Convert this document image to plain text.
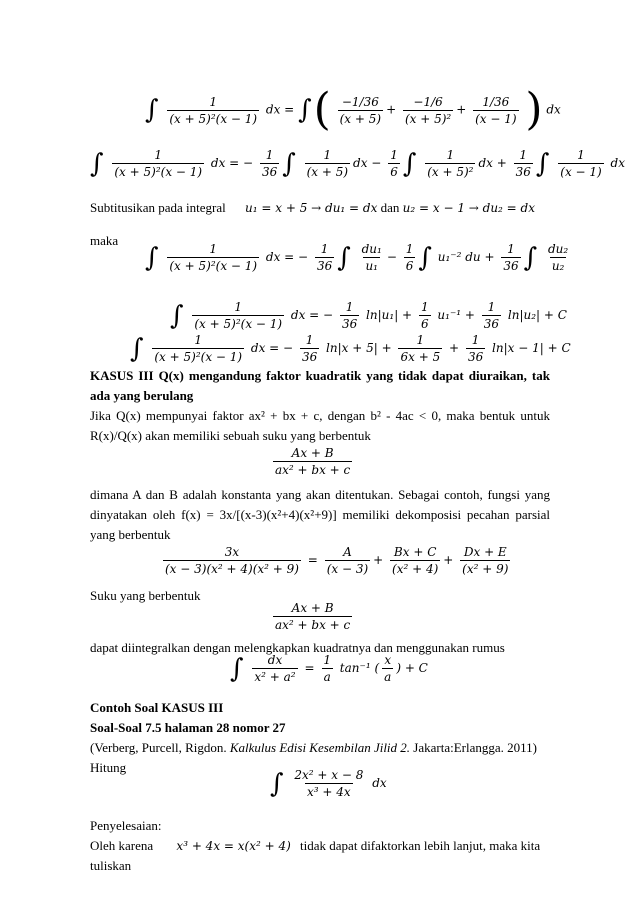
∫ $\frac{1}{\text{(x + 5)²(x − 1)}}$ dx = ∫( $\frac{-1/36}{(x + 5)} + \frac{-1/6}{\text{(x + 5)²}} + \frac{1/36}{(x - 1)}$ ) dx
∫ $\frac{1}{\text{(x + 5)²(x − 1)}}$ dx = − $\frac{1}{36}$ ∫ $\frac{1}{(x + 5)}$ dx − $\frac{1}{6}$ ∫ $\frac{1}{\text{(x + 5)²}}$ dx + $\frac{1}{36}$ ∫ $\frac{1}{(x - 1)}$ dx
Subtitusikan pada integral u₁ = x + 5 → du₁ = dx dan u₂ = x − 1 → du₂ = dx
maka
∫ $\frac{1}{\text{(x + 5)²(x − 1)}}$ dx = − $\frac{1}{36}$ ∫ $\frac{\text{du₁}}{\text{u₁}} - \frac{1}{6}$ ∫ u₁⁻² du + $\frac{1}{36}$ ∫ $\frac{\text{du₂}}{\text{u₂}}$
∫ $\frac{1}{\text{(x + 5)²(x − 1)}}$ dx = − $\frac{1}{36} \ln|u_1| + \frac{1}{6} u_1^{-1} + \frac{1}{36} \ln|u_2| + C$
∫ $\frac{1}{\text{(x + 5)²(x − 1)}}$ dx = − $\frac{1}{36} \ln|x + 5| + \frac{1}{6x + 5} + \frac{1}{36} \ln|x - 1| + C$
KASUS III Q(x) mengandung faktor kuadratik yang tidak dapat diuraikan, tak ada yang berulang
Jika Q(x) mempunyai faktor ax² + bx + c, dengan b² - 4ac < 0, maka bentuk untuk R(x)/Q(x) akan memiliki sebuah suku yang berbentuk
$\frac{Ax + B}{\text{ax² + bx + c}}$
dimana A dan B adalah konstanta yang akan ditentukan. Sebagai contoh, fungsi yang dinyatakan oleh f(x) = 3x/[(x-3)(x²+4)(x²+9)] memiliki dekomposisi pecahan parsial yang berbentuk
$\frac{3x}{\text{(x − 3)(x² + 4)(x² + 9)}} = \frac{A}{(x - 3)} + \frac{Bx + C}{\text{(x² + 4)}} + \frac{Dx + E}{\text{(x² + 9)}}$
Suku yang berbentuk
$\frac{Ax + B}{\text{ax² + bx + c}}$
dapat diintegralkan dengan melengkapkan kuadratnya dan menggunakan rumus
∫ $\frac{dx}{\text{x² + a²}} = \frac{1}{a} \tan^{-1}$ ( $\frac{x}{a}$ ) + C
Contoh Soal KASUS III
Soal-Soal 7.5 halaman 28 nomor 27
(Verberg, Purcell, Rigdon. Kalkulus Edisi Kesembilan Jilid 2. Jakarta:Erlangga. 2011)
Hitung
∫ $\frac{\text{2x² + x − 8}}{\text{x³ + 4x}}$ dx
Penyelesaian:
Oleh karena x³ + 4x = x(x² + 4) tidak dapat difaktorkan lebih lanjut, maka kita
tuliskan
